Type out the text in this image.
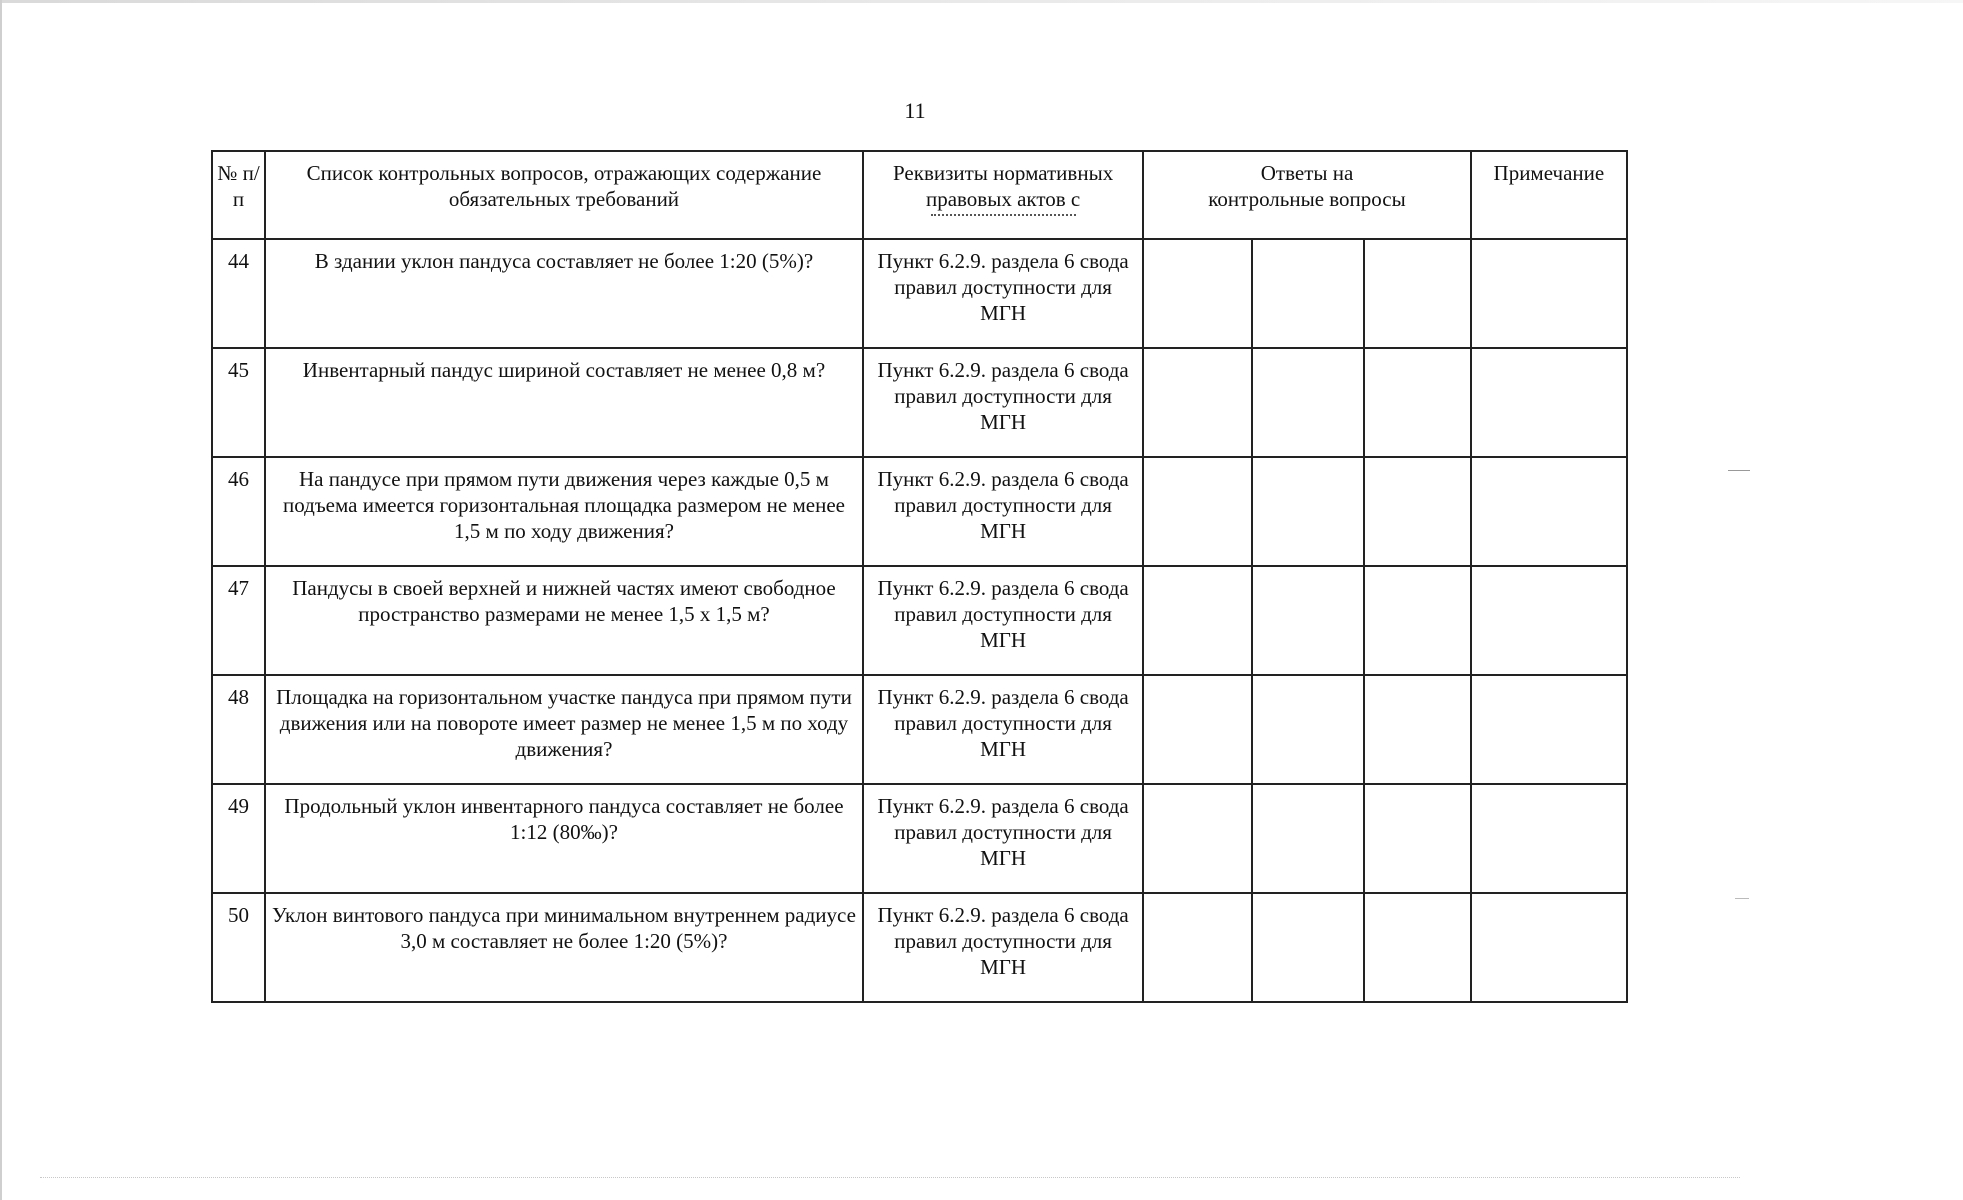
11
№ п/п	Список контрольных вопросов, отражающих содержание обязательных требований	Реквизиты нормативных правовых актов с	Ответы на контрольные вопросы			Примечание

44	В здании уклон пандуса составляет не более 1:20 (5%)?	Пункт 6.2.9. раздела 6 свода правил доступности для МГН				

45	Инвентарный пандус шириной составляет не менее 0,8 м?	Пункт 6.2.9. раздела 6 свода правил доступности для МГН				

46	На пандусе при прямом пути движения через каждые 0,5 м подъема имеется горизонтальная площадка размером не менее 1,5 м по ходу движения?	Пункт 6.2.9. раздела 6 свода правил доступности для МГН				

47	Пандусы в своей верхней и нижней частях имеют свободное пространство размерами не менее 1,5 х 1,5 м?	Пункт 6.2.9. раздела 6 свода правил доступности для МГН				

48	Площадка на горизонтальном участке пандуса при прямом пути движения или на повороте имеет размер не менее 1,5 м по ходу движения?	Пункт 6.2.9. раздела 6 свода правил доступности для МГН				

49	Продольный уклон инвентарного пандуса составляет не более 1:12 (80‰)?	Пункт 6.2.9. раздела 6 свода правил доступности для МГН				

50	Уклон винтового пандуса при минимальном внутреннем радиусе 3,0 м составляет не более 1:20 (5%)?	Пункт 6.2.9. раздела 6 свода правил доступности для МГН				
